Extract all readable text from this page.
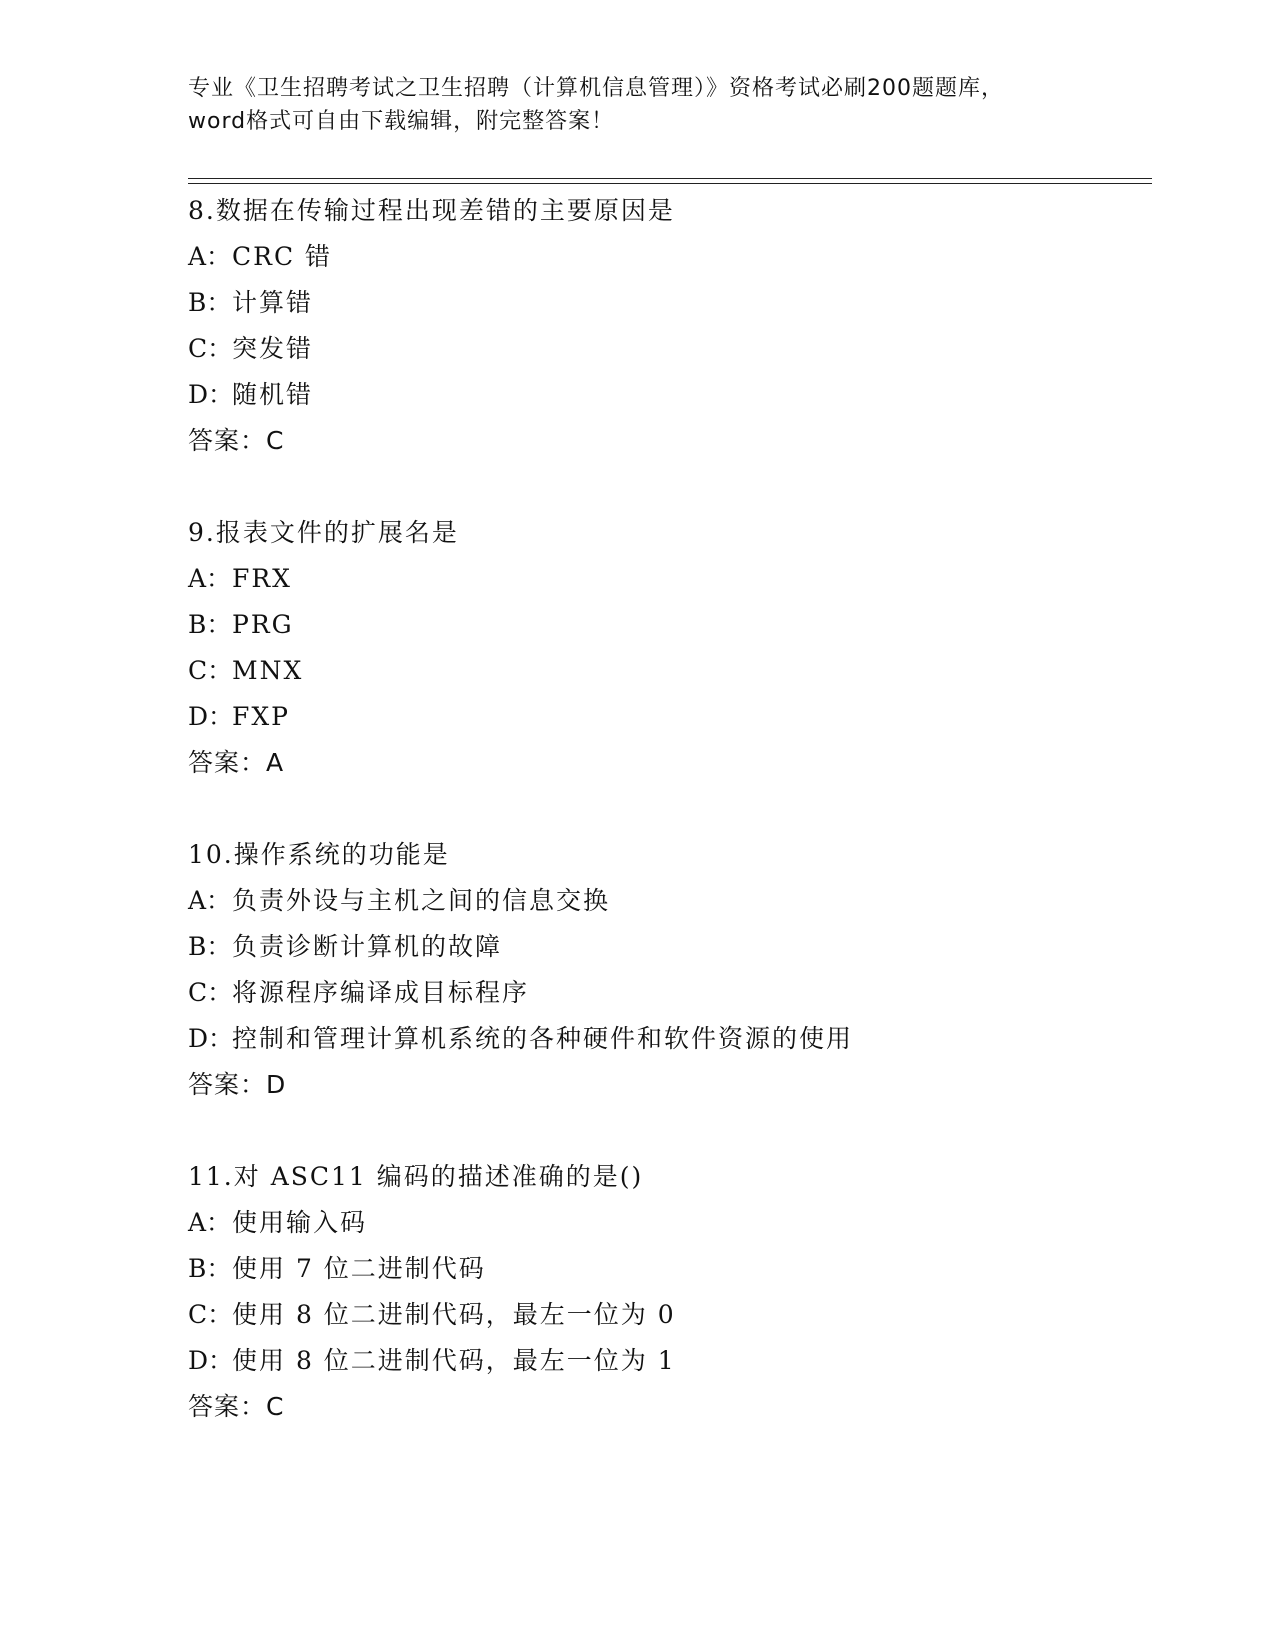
专业《卫生招聘考试之卫生招聘（计算机信息管理）》资格考试必刷200题题库，
word格式可自由下载编辑，附完整答案！
8.数据在传输过程出现差错的主要原因是
A：CRC 错
B：计算错
C：突发错
D：随机错
答案：C
9.报表文件的扩展名是
A：FRX
B：PRG
C：MNX
D：FXP
答案：A
10.操作系统的功能是
A：负责外设与主机之间的信息交换
B：负责诊断计算机的故障
C：将源程序编译成目标程序
D：控制和管理计算机系统的各种硬件和软件资源的使用
答案：D
11.对 ASC11 编码的描述准确的是()
A：使用输入码
B：使用 7 位二进制代码
C：使用 8 位二进制代码，最左一位为 0
D：使用 8 位二进制代码，最左一位为 1
答案：C
